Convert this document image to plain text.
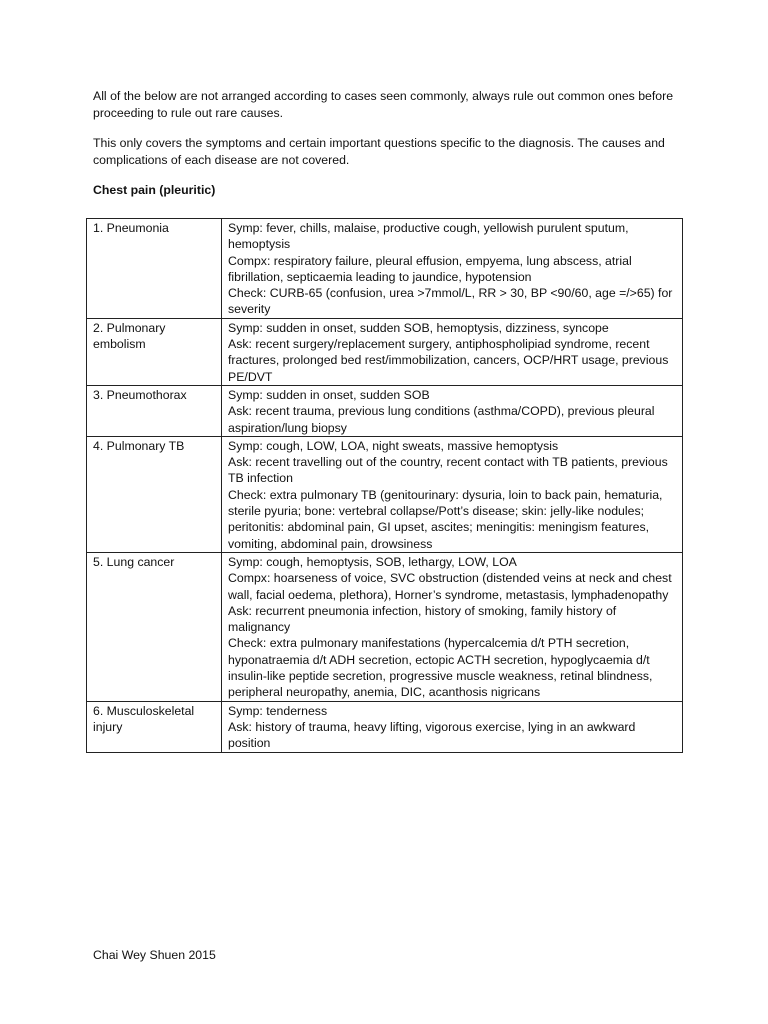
All of the below are not arranged according to cases seen commonly, always rule out common ones before proceeding to rule out rare causes.

This only covers the symptoms and certain important questions specific to the diagnosis. The causes and complications of each disease are not covered.

Chest pain (pleuritic)

1. Pneumonia	Symp: fever, chills, malaise, productive cough, yellowish purulent sputum, hemoptysis
Compx: respiratory failure, pleural effusion, empyema, lung abscess, atrial fibrillation, septicaemia leading to jaundice, hypotension
Check: CURB-65 (confusion, urea >7mmol/L, RR > 30, BP <90/60, age =/>65) for severity

2. Pulmonary embolism	Symp: sudden in onset, sudden SOB, hemoptysis, dizziness, syncope
Ask: recent surgery/replacement surgery, antiphospholipiad syndrome, recent fractures, prolonged bed rest/immobilization, cancers, OCP/HRT usage, previous PE/DVT

3. Pneumothorax	Symp: sudden in onset, sudden SOB
Ask: recent trauma, previous lung conditions (asthma/COPD), previous pleural aspiration/lung biopsy

4. Pulmonary TB	Symp: cough, LOW, LOA, night sweats, massive hemoptysis
Ask: recent travelling out of the country, recent contact with TB patients, previous TB infection
Check: extra pulmonary TB (genitourinary: dysuria, loin to back pain, hematuria, sterile pyuria; bone: vertebral collapse/Pott’s disease; skin: jelly-like nodules; peritonitis: abdominal pain, GI upset, ascites; meningitis: meningism features, vomiting, abdominal pain, drowsiness

5. Lung cancer	Symp: cough, hemoptysis, SOB, lethargy, LOW, LOA
Compx: hoarseness of voice, SVC obstruction (distended veins at neck and chest wall, facial oedema, plethora), Horner’s syndrome, metastasis, lymphadenopathy
Ask: recurrent pneumonia infection, history of smoking, family history of malignancy
Check: extra pulmonary manifestations (hypercalcemia d/t PTH secretion, hyponatraemia d/t ADH secretion, ectopic ACTH secretion, hypoglycaemia d/t insulin-like peptide secretion, progressive muscle weakness, retinal blindness, peripheral neuropathy, anemia, DIC, acanthosis nigricans

6. Musculoskeletal injury	Symp: tenderness
Ask: history of trauma, heavy lifting, vigorous exercise, lying in an awkward position
Chai Wey Shuen 2015
